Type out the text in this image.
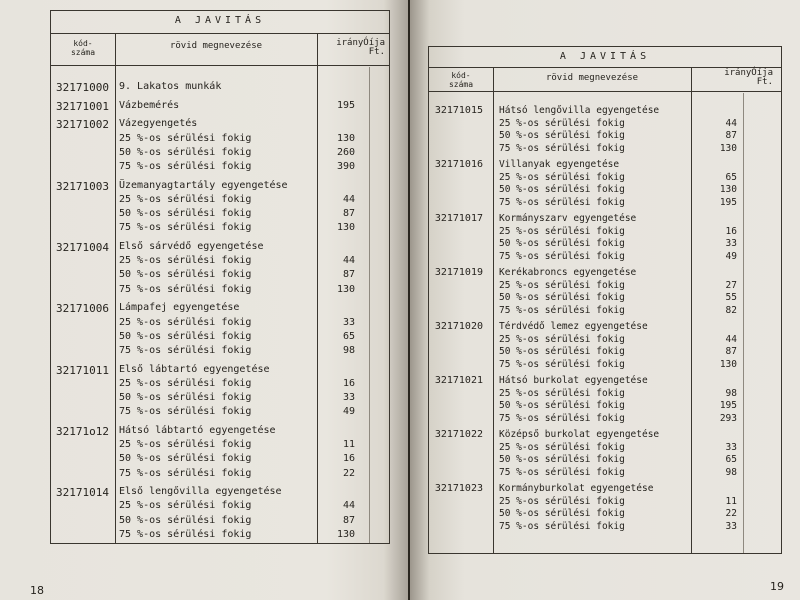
A JAVITÁS
kód-
száma
rövid megnevezése	irányÓíja
Ft.
32171000 9. Lakatos munkák
32171001 Vázbemérés	195
32171002 Vázegyengetés
25 %-os sérülési fokig	130
50 %-os sérülési fokig	260
75 %-os sérülési fokig	390
32171003 Üzemanyagtartály egyengetése
25 %-os sérülési fokig	44
50 %-os sérülési fokig	87
75 %-os sérülési fokig	130
32171004 Első sárvédő egyengetése
25 %-os sérülési fokig	44
50 %-os sérülési fokig	87
75 %-os sérülési fokig	130
32171006 Lámpafej egyengetése
25 %-os sérülési fokig	33
50 %-os sérülési fokig	65
75 %-os sérülési fokig	98
32171011 Első lábtartó egyengetése
25 %-os sérülési fokig	16
50 %-os sérülési fokig	33
75 %-os sérülési fokig	49
32171o12 Hátsó lábtartó egyengetése
25 %-os sérülési fokig	11
50 %-os sérülési fokig	16
75 %-os sérülési fokig	22
32171014 Első lengővilla egyengetése
25 %-os sérülési fokig	44
50 %-os sérülési fokig	87
75 %-os sérülési fokig	130
18
A JAVITÁS
kód-
száma
rövid megnevezése	irányÓíja
Ft.
32171015 Hátsó lengővilla egyengetése
25 %-os sérülési fokig	44
50 %-os sérülési fokig	87
75 %-os sérülési fokig	130
32171016 Villanyak egyengetése
25 %-os sérülési fokig	65
50 %-os sérülési fokig	130
75 %-os sérülési fokig	195
32171017 Kormányszarv egyengetése
25 %-os sérülési fokig	16
50 %-os sérülési fokig	33
75 %-os sérülési fokig	49
32171019 Kerékabroncs egyengetése
25 %-os sérülési fokig	27
50 %-os sérülési fokig	55
75 %-os sérülési fokig	82
32171020 Térdvédő lemez egyengetése
25 %-os sérülési fokig	44
50 %-os sérülési fokig	87
75 %-os sérülési fokig	130
32171021 Hátsó burkolat egyengetése
25 %-os sérülési fokig	98
50 %-os sérülési fokig	195
75 %-os sérülési fokig	293
32171022 Középső burkolat egyengetése
25 %-os sérülési fokig	33
50 %-os sérülési fokig	65
75 %-os sérülési fokig	98
32171023 Kormányburkolat egyengetése
25 %-os sérülési fokig	11
50 %-os sérülési fokig	22
75 %-os sérülési fokig	33
19
